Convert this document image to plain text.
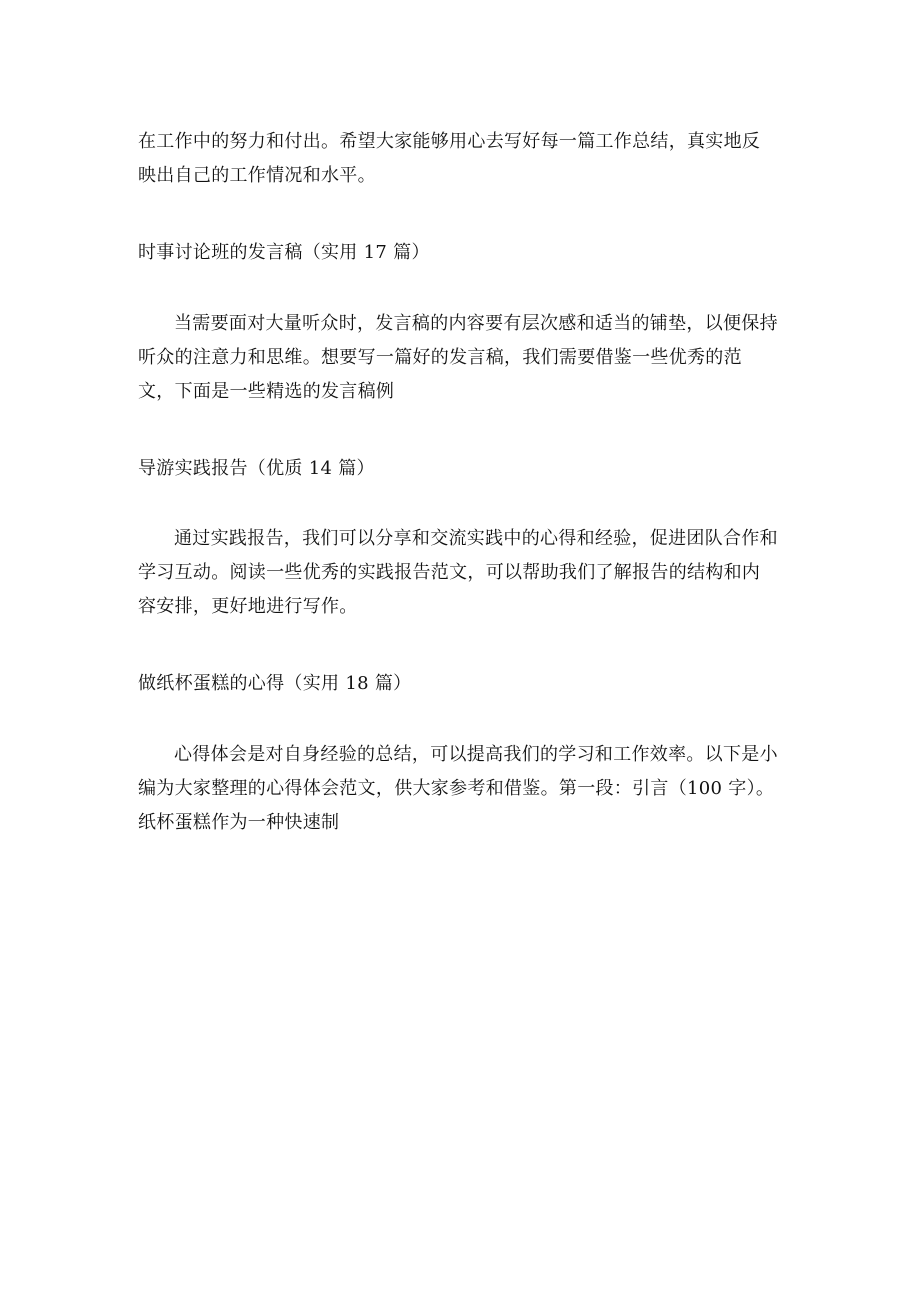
在工作中的努力和付出。希望大家能够用心去写好每一篇工作总结，真实地反映出自己的工作情况和水平。

时事讨论班的发言稿（实用 17 篇）

当需要面对大量听众时，发言稿的内容要有层次感和适当的铺垫，以便保持听众的注意力和思维。想要写一篇好的发言稿，我们需要借鉴一些优秀的范文，下面是一些精选的发言稿例

导游实践报告（优质 14 篇）

通过实践报告，我们可以分享和交流实践中的心得和经验，促进团队合作和学习互动。阅读一些优秀的实践报告范文，可以帮助我们了解报告的结构和内容安排，更好地进行写作。

做纸杯蛋糕的心得（实用 18 篇）

心得体会是对自身经验的总结，可以提高我们的学习和工作效率。以下是小编为大家整理的心得体会范文，供大家参考和借鉴。第一段：引言（100 字）。纸杯蛋糕作为一种快速制
